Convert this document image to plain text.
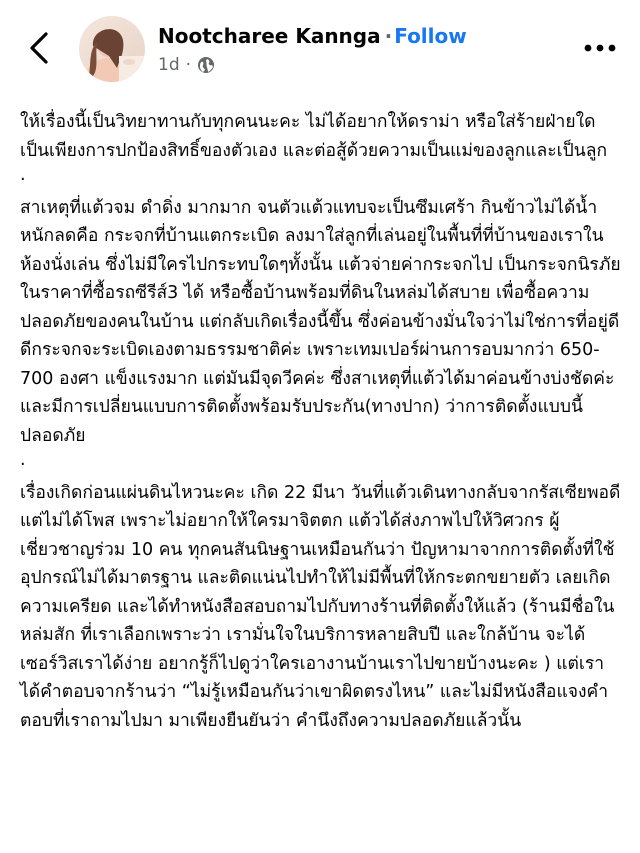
Nootcharee Kannga · Follow
1d ·

ให้เรื่องนี้เป็นวิทยาทานกับทุกคนนะคะ ไม่ได้อยากให้ดราม่า หรือใส่ร้ายฝ่ายใด เป็นเพียงการปกป้องสิทธิ์ของตัวเอง และต่อสู้ด้วยความเป็นแม่ของลูกและเป็นลูก

.

สาเหตุที่แต้วจม ดำดิ่ง มากมาก จนตัวแต้วแทบจะเป็นซึมเศร้า กินข้าวไม่ได้น้ำหนักลดคือ กระจกที่บ้านแตกระเบิด ลงมาใส่ลูกที่เล่นอยู่ในพื้นที่ที่บ้านของเราในห้องนั่งเล่น ซึ่งไม่มีใครไปกระทบใดๆทั้งนั้น แต้วจ่ายค่ากระจกไป เป็นกระจกนิรภัย ในราคาที่ซื้อรถซีรีส์3 ได้ หรือซื้อบ้านพร้อมที่ดินในหล่มได้สบาย เพื่อซื้อความปลอดภัยของคนในบ้าน แต่กลับเกิดเรื่องนี้ขึ้น ซึ่งค่อนข้างมั่นใจว่าไม่ใช่การที่อยู่ดีดีกระจกจะระเบิดเองตามธรรมชาติค่ะ เพราะเทมเปอร์ผ่านการอบมากว่า 650-700 องศา แข็งแรงมาก แต่มันมีจุดวีคค่ะ ซึ่งสาเหตุที่แต้วได้มาค่อนข้างบ่งชัดค่ะ และมีการเปลี่ยนแบบการติดตั้งพร้อมรับประกัน(ทางปาก) ว่าการติดตั้งแบบนี้ปลอดภัย

.

เรื่องเกิดก่อนแผ่นดินไหวนะคะ เกิด 22 มีนา วันที่แต้วเดินทางกลับจากรัสเซียพอดี แต่ไม่ได้โพส เพราะไม่อยากให้ใครมาจิตตก แต้วได้ส่งภาพไปให้วิศวกร ผู้เชี่ยวชาญร่วม 10 คน ทุกคนสันนิษฐานเหมือนกันว่า ปัญหามาจากการติดตั้งที่ใช้อุปกรณ์ไม่ได้มาตรฐาน และติดแน่นไปทำให้ไม่มีพื้นที่ให้กระตกขยายตัว เลยเกิดความเครียด และได้ทำหนังสือสอบถามไปกับทางร้านที่ติดตั้งให้แล้ว (ร้านมีชื่อในหล่มสัก ที่เราเลือกเพราะว่า เรามั่นใจในบริการหลายสิบปี และใกล้บ้าน จะได้เซอร์วิสเราได้ง่าย อยากรู้ก็ไปดูว่าใครเอางานบ้านเราไปขายบ้างนะคะ ) แต่เราได้คำตอบจากร้านว่า “ไม่รู้เหมือนกันว่าเขาผิดตรงไหน” และไม่มีหนังสือแจงคำตอบที่เราถามไปมา มาเพียงยืนยันว่า คำนึงถึงความปลอดภัยแล้วนั้น
